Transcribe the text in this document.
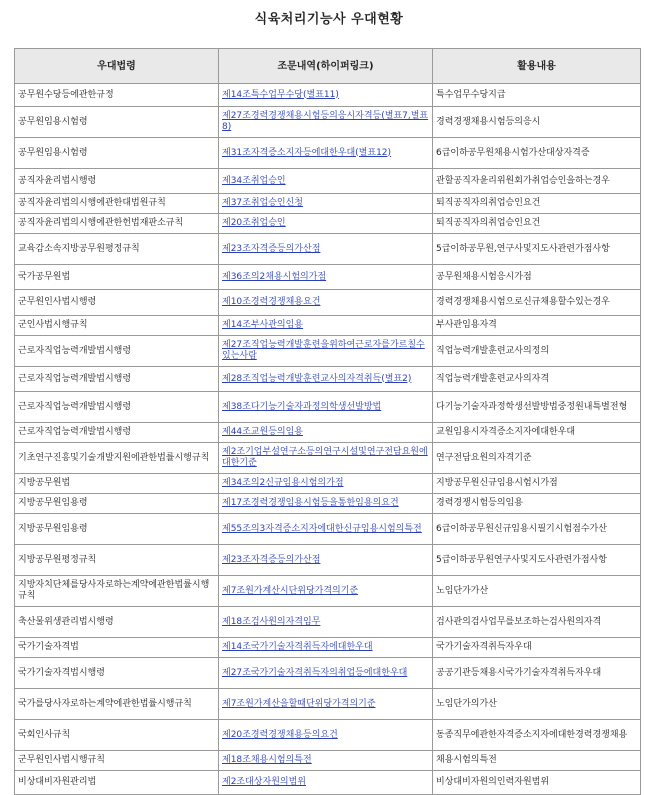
식육처리기능사 우대현황
우대법령	조문내역(하이퍼링크)	활용내용
공무원수당등에관한규정	제14조특수업무수당(별표11)	특수업무수당지급
공무원임용시험령	제27조경력경쟁채용시험등의응시자격등(별표7,별표8)	경력경쟁채용시험등의응시
공무원임용시험령	제31조자격증소지자등에대한우대(별표12)	6급이하공무원채용시험가산대상자격증
공직자윤리법시행령	제34조취업승인	관할공직자윤리위원회가취업승인을하는경우
공직자윤리법의시행에관한대법원규칙	제37조취업승인신청	퇴직공직자의취업승인요건
공직자윤리법의시행에관한헌법재판소규칙	제20조취업승인	퇴직공직자의취업승인요건
교육감소속지방공무원평정규칙	제23조자격증등의가산점	5급이하공무원,연구사및지도사관련가점사항
국가공무원법	제36조의2채용시험의가점	공무원채용시험응시가점
군무원인사법시행령	제10조경력경쟁채용요건	경력경쟁채용시험으로신규채용할수있는경우
군인사법시행규칙	제14조부사관의임용	부사관임용자격
근로자직업능력개발법시행령	제27조직업능력개발훈련을위하여근로자를가르칠수있는사람	직업능력개발훈련교사의정의
근로자직업능력개발법시행령	제28조직업능력개발훈련교사의자격취득(별표2)	직업능력개발훈련교사의자격
근로자직업능력개발법시행령	제38조다기능기술자과정의학생선발방법	다기능기술자과정학생선발방법중정원내특별전형
근로자직업능력개발법시행령	제44조교원등의임용	교원임용시자격증소지자에대한우대
기초연구진흥및기술개발지원에관한법률시행규칙	제2조기업부설연구소등의연구시설및연구전담요원에대한기준	연구전담요원의자격기준
지방공무원법	제34조의2신규임용시험의가점	지방공무원신규임용시험시가점
지방공무원임용령	제17조경력경쟁임용시험등을통한임용의요건	경력경쟁시험등의임용
지방공무원임용령	제55조의3자격증소지자에대한신규임용시험의특전	6급이하공무원신규임용시필기시험점수가산
지방공무원평정규칙	제23조자격증등의가산점	5급이하공무원연구사및지도사관련가점사항
지방자치단체를당사자로하는계약에관한법률시행규칙	제7조원가계산시단위당가격의기준	노임단가가산
축산물위생관리법시행령	제18조검사원의자격임무	검사관의검사업무를보조하는검사원의자격
국가기술자격법	제14조국가기술자격취득자에대한우대	국가기술자격취득자우대
국가기술자격법시행령	제27조국가기술자격취득자의취업등에대한우대	공공기관등채용시국가기술자격취득자우대
국가를당사자로하는계약에관한법률시행규칙	제7조원가계산을할때단위당가격의기준	노임단가의가산
국회인사규칙	제20조경력경쟁채용등의요건	동종직무에관한자격증소지자에대한경력경쟁채용
군무원인사법시행규칙	제18조채용시험의특전	채용시험의특전
비상대비자원관리법	제2조대상자원의범위	비상대비자원의인력자원범위
